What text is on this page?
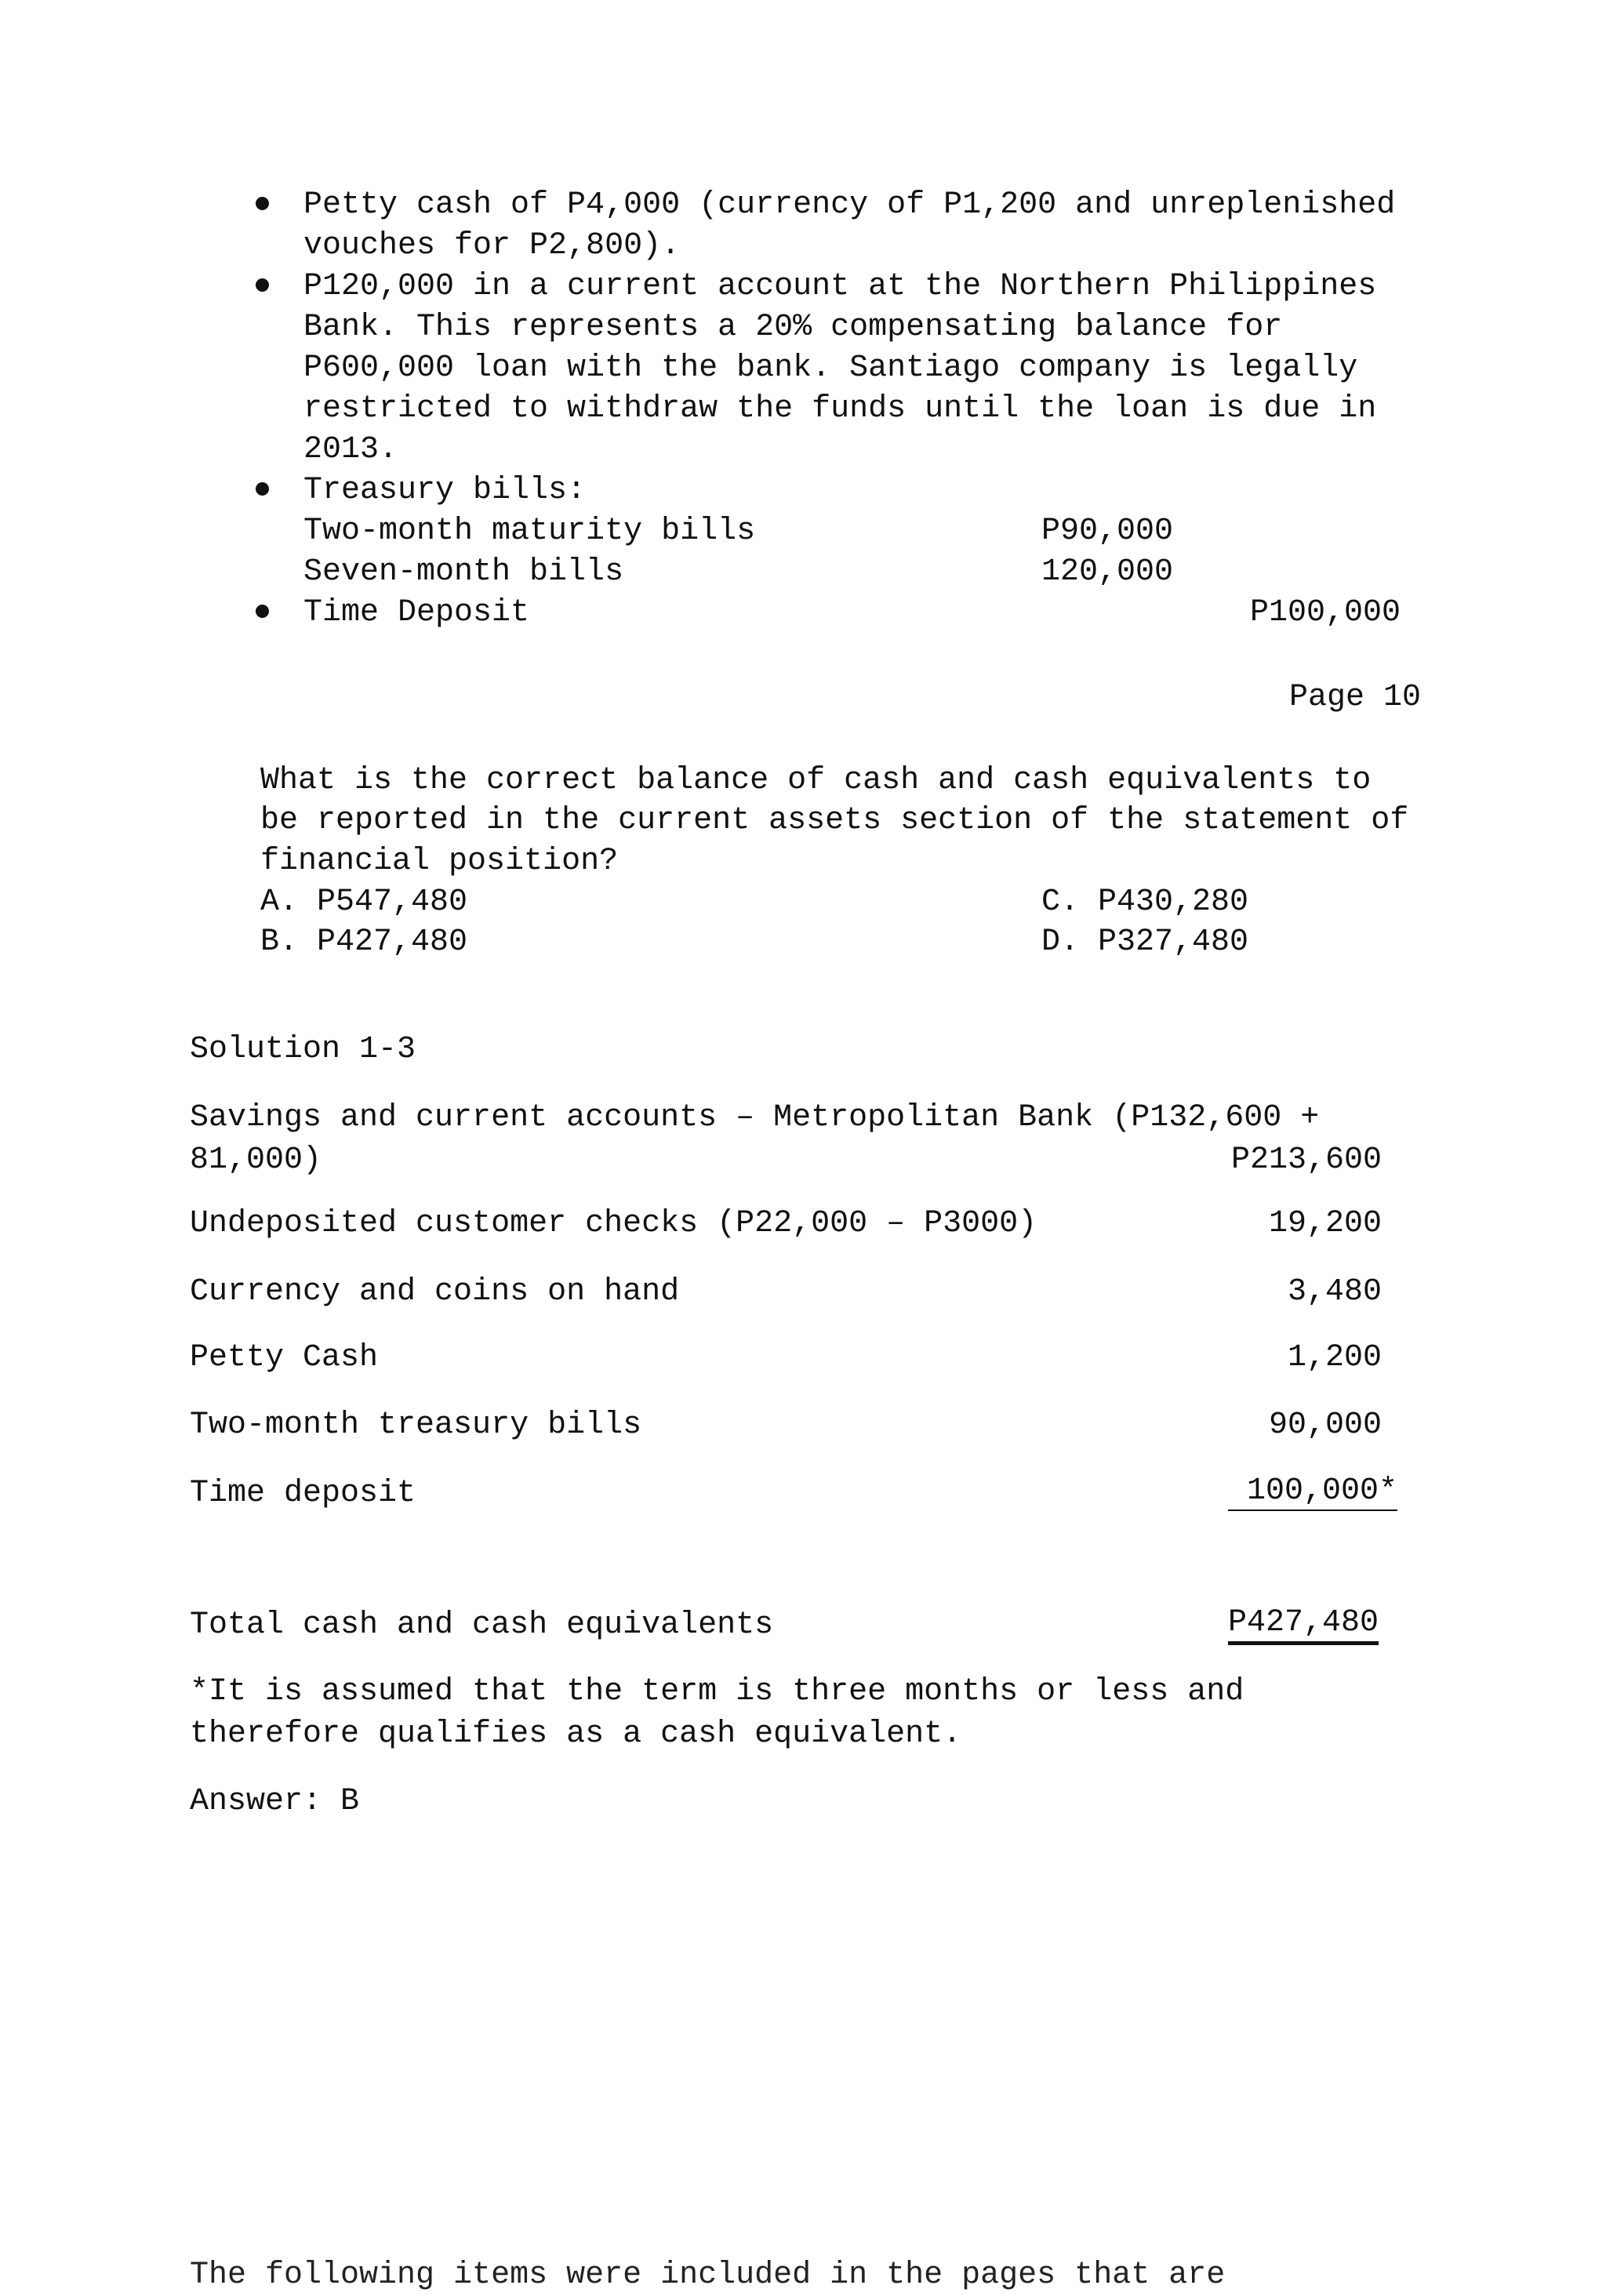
Petty cash of P4,000 (currency of P1,200 and unreplenished
vouches for P2,800).
P120,000 in a current account at the Northern Philippines
Bank. This represents a 20% compensating balance for
P600,000 loan with the bank. Santiago company is legally
restricted to withdraw the funds until the loan is due in
2013.
Treasury bills:
Two-month maturity bills	P90,000
Seven-month bills	120,000
Time Deposit	P100,000
Page 10
What is the correct balance of cash and cash equivalents to
be reported in the current assets section of the statement of
financial position?
A. P547,480	C. P430,280
B. P427,480	D. P327,480
Solution 1-3
Savings and current accounts – Metropolitan Bank (P132,600 +
81,000)	P213,600
Undeposited customer checks (P22,000 – P3000)	19,200
Currency and coins on hand	3,480
Petty Cash	1,200
Two-month treasury bills	90,000
Time deposit	100,000*
Total cash and cash equivalents	P427,480
*It is assumed that the term is three months or less and
therefore qualifies as a cash equivalent.
Answer: B
The following items were included in the pages that are
